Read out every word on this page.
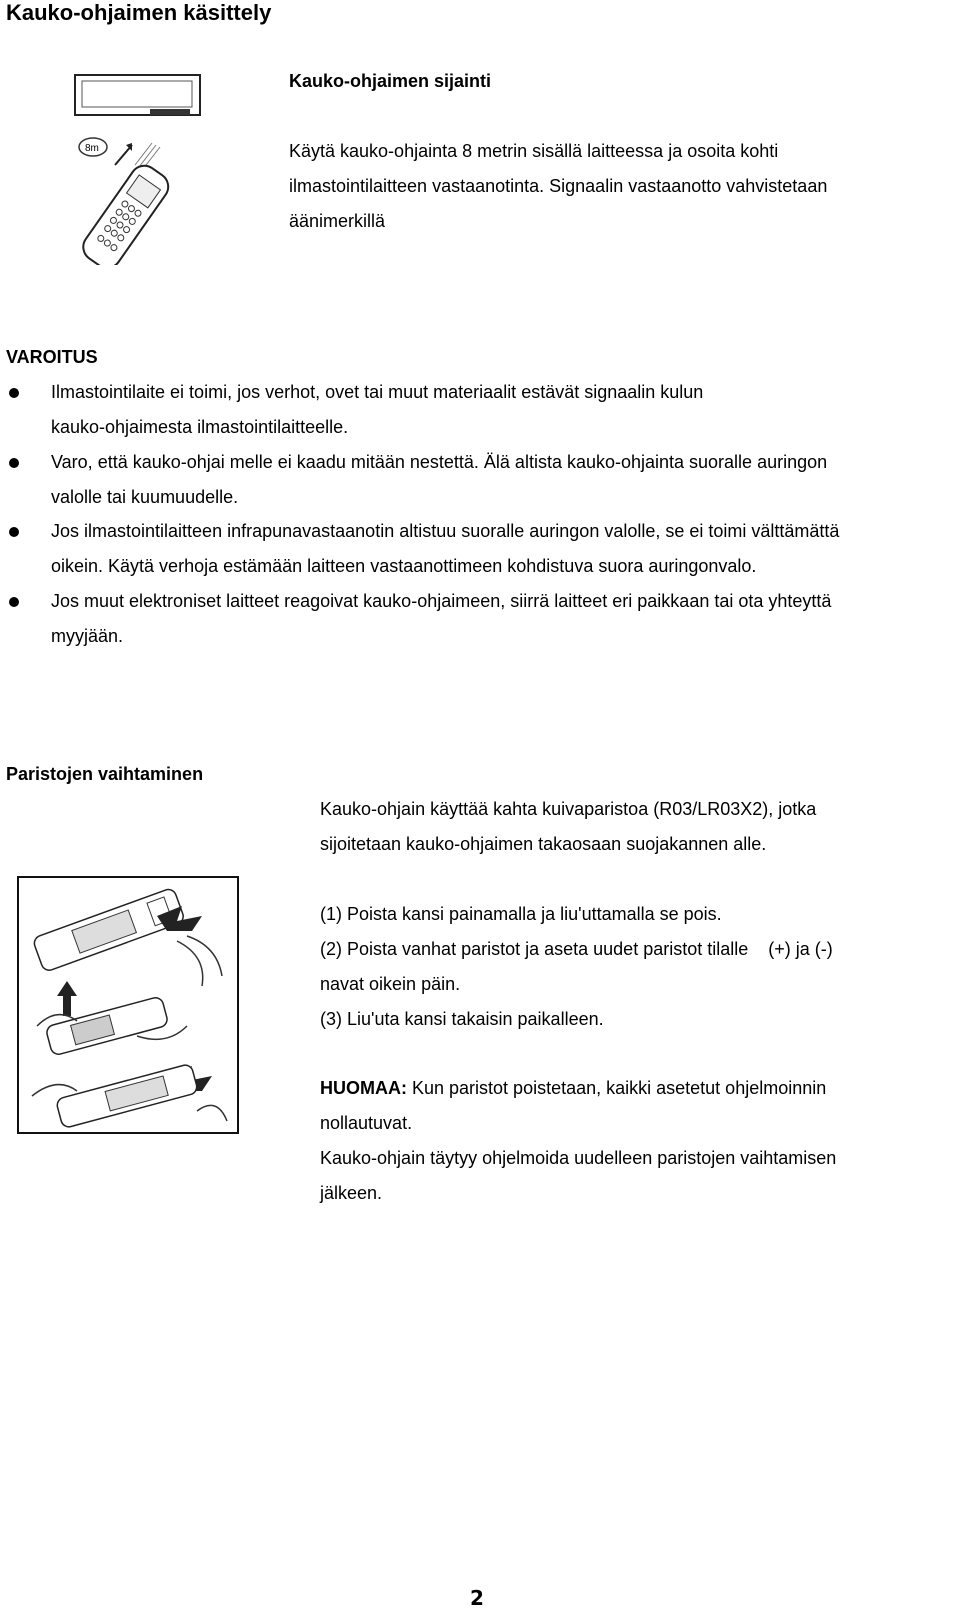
Kauko-ohjaimen käsittely
8m
Kauko-ohjaimen sijainti
Käytä kauko-ohjainta 8 metrin sisällä laitteessa ja osoita kohti
ilmastointilaitteen vastaanotinta. Signaalin vastaanotto vahvistetaan
äänimerkillä
VAROITUS
Ilmastointilaite ei toimi, jos verhot, ovet tai muut materiaalit estävät signaalin kulun
kauko-ohjaimesta ilmastointilaitteelle.
Varo, että kauko-ohjai melle ei kaadu mitään nestettä. Älä altista kauko-ohjainta suoralle auringon
valolle tai kuumuudelle.
Jos ilmastointilaitteen infrapunavastaanotin altistuu suoralle auringon valolle, se ei toimi välttämättä
oikein. Käytä verhoja estämään laitteen vastaanottimeen kohdistuva suora auringonvalo.
Jos muut elektroniset laitteet reagoivat kauko-ohjaimeen, siirrä laitteet eri paikkaan tai ota yhteyttä
myyjään.
Paristojen vaihtaminen
Kauko-ohjain käyttää kahta kuivaparistoa (R03/LR03X2), jotka
sijoitetaan kauko-ohjaimen takaosaan suojakannen alle.
(1) Poista kansi painamalla ja liu'uttamalla se pois.
(2) Poista vanhat paristot ja aseta uudet paristot tilalle    (+) ja (-)
navat oikein päin.
(3) Liu'uta kansi takaisin paikalleen.
HUOMAA: Kun paristot poistetaan, kaikki asetetut ohjelmoinnin
nollautuvat.
Kauko-ohjain täytyy ohjelmoida uudelleen paristojen vaihtamisen
jälkeen.
2
